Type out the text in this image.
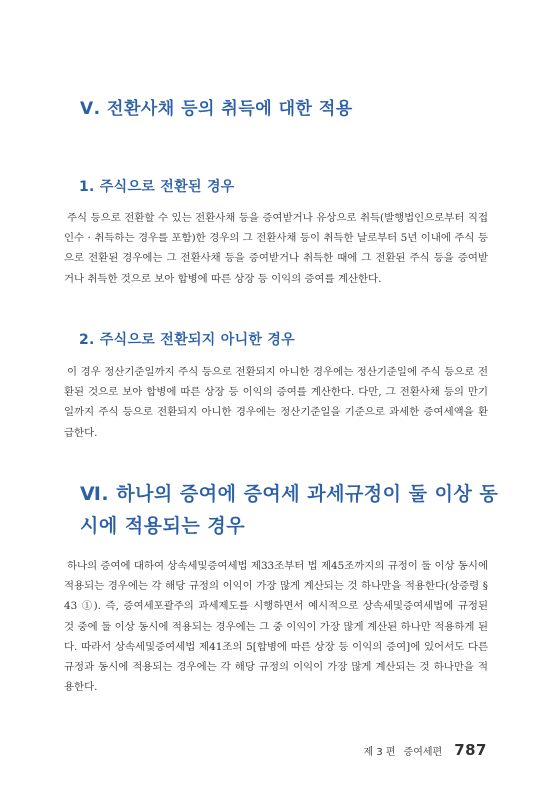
Ⅴ. 전환사채 등의 취득에 대한 적용
1. 주식으로 전환된 경우

주식 등으로 전환할 수 있는 전환사채 등을 증여받거나 유상으로 취득(발행법인으로부터 직접 인수 · 취득하는 경우를 포함)한 경우의 그 전환사채 등이 취득한 날로부터 5년 이내에 주식 등으로 전환된 경우에는 그 전환사채 등을 증여받거나 취득한 때에 그 전환된 주식 등을 증여받거나 취득한 것으로 보아 합병에 따른 상장 등 이익의 증여를 계산한다.

2. 주식으로 전환되지 아니한 경우

이 경우 정산기준일까지 주식 등으로 전환되지 아니한 경우에는 정산기준일에 주식 등으로 전환된 것으로 보아 합병에 따른 상장 등 이익의 증여를 계산한다. 다만, 그 전환사채 등의 만기일까지 주식 등으로 전환되지 아니한 경우에는 정산기준일을 기준으로 과세한 증여세액을 환급한다.

Ⅵ. 하나의 증여에 증여세 과세규정이 둘 이상 동시에 적용되는 경우

하나의 증여에 대하여 상속세및증여세법 제33조부터 법 제45조까지의 규정이 둘 이상 동시에 적용되는 경우에는 각 해당 규정의 이익이 가장 많게 계산되는 것 하나만을 적용한다(상증령 § 43 ①). 즉, 증여세포괄주의 과세제도를 시행하면서 예시적으로 상속세및증여세법에 규정된 것 중에 둘 이상 동시에 적용되는 경우에는 그 중 이익이 가장 많게 계산된 하나만 적용하게 된다. 따라서 상속세및증여세법 제41조의 5[합병에 따른 상장 등 이익의 증여]에 있어서도 다른 규정과 동시에 적용되는 경우에는 각 해당 규정의 이익이 가장 많게 계산되는 것 하나만을 적용한다.

제 3 편 증여세편 787
